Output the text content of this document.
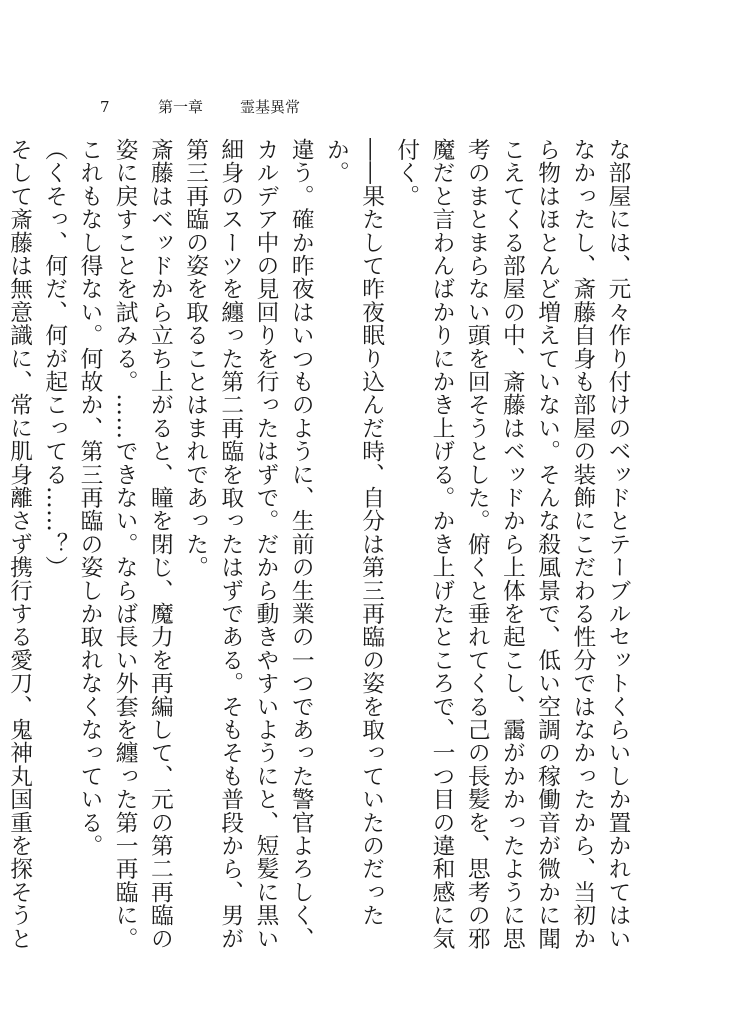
7	第一章 霊基異常

な部屋には、元々作り付けのベッドとテーブルセットくらいしか置かれてはいなかったし、斎藤自身も部屋の装飾にこだわる性分ではなかったから、当初から物はほとんど増えていない。そんな殺風景で、低い空調の稼働音が微かに聞こえてくる部屋の中、斎藤はベッドから上体を起こし、靄がかかったように思考のまとまらない頭を回そうとした。俯くと垂れてくる己の長髪を、思考の邪魔だと言わんばかりにかき上げる。かき上げたところで、一つ目の違和感に気付く。

――果たして昨夜眠り込んだ時、自分は第三再臨の姿を取っていたのだったか。

違う。確か昨夜はいつものように、生前の生業の一つであった警官よろしく、カルデア中の見回りを行ったはずで。だから動きやすいようにと、短髪に黒い細身のスーツを纏った第二再臨を取ったはずである。そもそも普段から、男が第三再臨の姿を取ることはまれであった。

斎藤はベッドから立ち上がると、瞳を閉じ、魔力を再編して、元の第二再臨の姿に戻すことを試みる。……できない。ならば長い外套を纏った第一再臨に。これもなし得ない。何故か、第三再臨の姿しか取れなくなっている。

（くそっ、何だ、何が起こってる……？）

そして斎藤は無意識に、常に肌身離さず携行する愛刀、鬼神丸国重を探そうと
